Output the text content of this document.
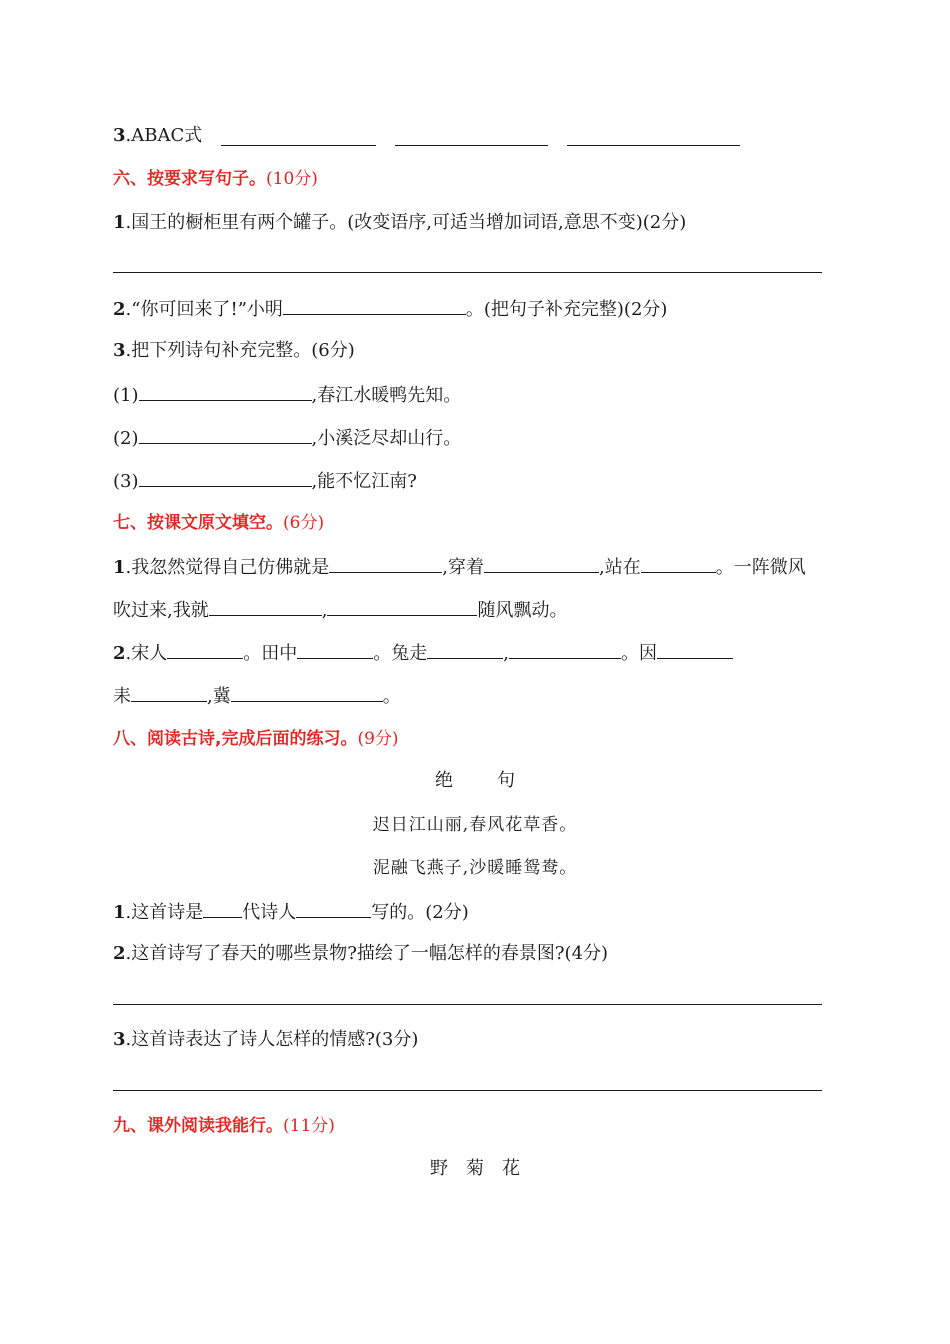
3.ABAC式
六、按要求写句子。(10分)
1.国王的橱柜里有两个罐子。(改变语序,可适当增加词语,意思不变)(2分)
2.“你可回来了!”小明	。(把句子补充完整)(2分)
3.把下列诗句补充完整。(6分)
(1)	,春江水暖鸭先知。
(2)	,小溪泛尽却山行。
(3)	,能不忆江南?
七、按课文原文填空。(6分)
1.我忽然觉得自己仿佛就是	,穿着	,站在	。一阵微风
吹过来,我就	,	随风飘动。
2.宋人	。田中	。兔走	,	。因
耒	,冀	。
八、阅读古诗,完成后面的练习。(9分)
绝 句
迟日江山丽,春风花草香。
泥融飞燕子,沙暖睡鸳鸯。
1.这首诗是 代诗人	写的。(2分)
2.这首诗写了春天的哪些景物?描绘了一幅怎样的春景图?(4分)
3.这首诗表达了诗人怎样的情感?(3分)
九、课外阅读我能行。(11分)
野 菊 花
